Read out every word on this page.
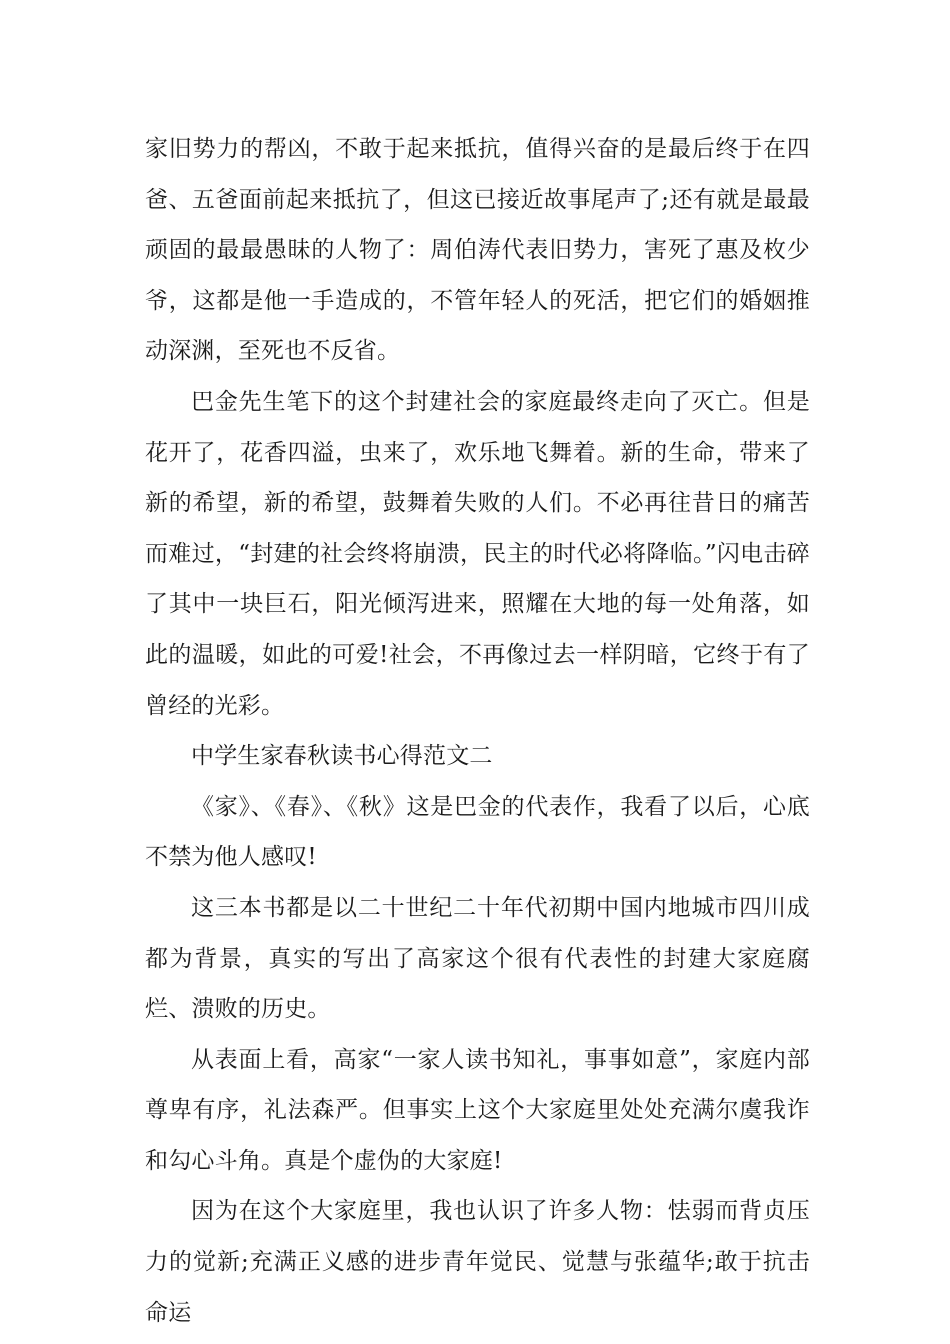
家旧势力的帮凶，不敢于起来抵抗，值得兴奋的是最后终于在四爸、五爸面前起来抵抗了，但这已接近故事尾声了;还有就是最最顽固的最最愚昧的人物了：周伯涛代表旧势力，害死了惠及枚少爷，这都是他一手造成的，不管年轻人的死活，把它们的婚姻推动深渊，至死也不反省。

巴金先生笔下的这个封建社会的家庭最终走向了灭亡。但是花开了，花香四溢，虫来了，欢乐地飞舞着。新的生命，带来了新的希望，新的希望，鼓舞着失败的人们。不必再往昔日的痛苦而难过，“封建的社会终将崩溃，民主的时代必将降临。”闪电击碎了其中一块巨石，阳光倾泻进来，照耀在大地的每一处角落，如此的温暖，如此的可爱!社会，不再像过去一样阴暗，它终于有了曾经的光彩。

中学生家春秋读书心得范文二

《家》、《春》、《秋》这是巴金的代表作，我看了以后，心底不禁为他人感叹!

这三本书都是以二十世纪二十年代初期中国内地城市四川成都为背景，真实的写出了高家这个很有代表性的封建大家庭腐烂、溃败的历史。

从表面上看，高家“一家人读书知礼，事事如意”，家庭内部尊卑有序，礼法森严。但事实上这个大家庭里处处充满尔虞我诈和勾心斗角。真是个虚伪的大家庭!

因为在这个大家庭里，我也认识了许多人物：怯弱而背贞压力的觉新;充满正义感的进步青年觉民、觉慧与张蕴华;敢于抗击命运
